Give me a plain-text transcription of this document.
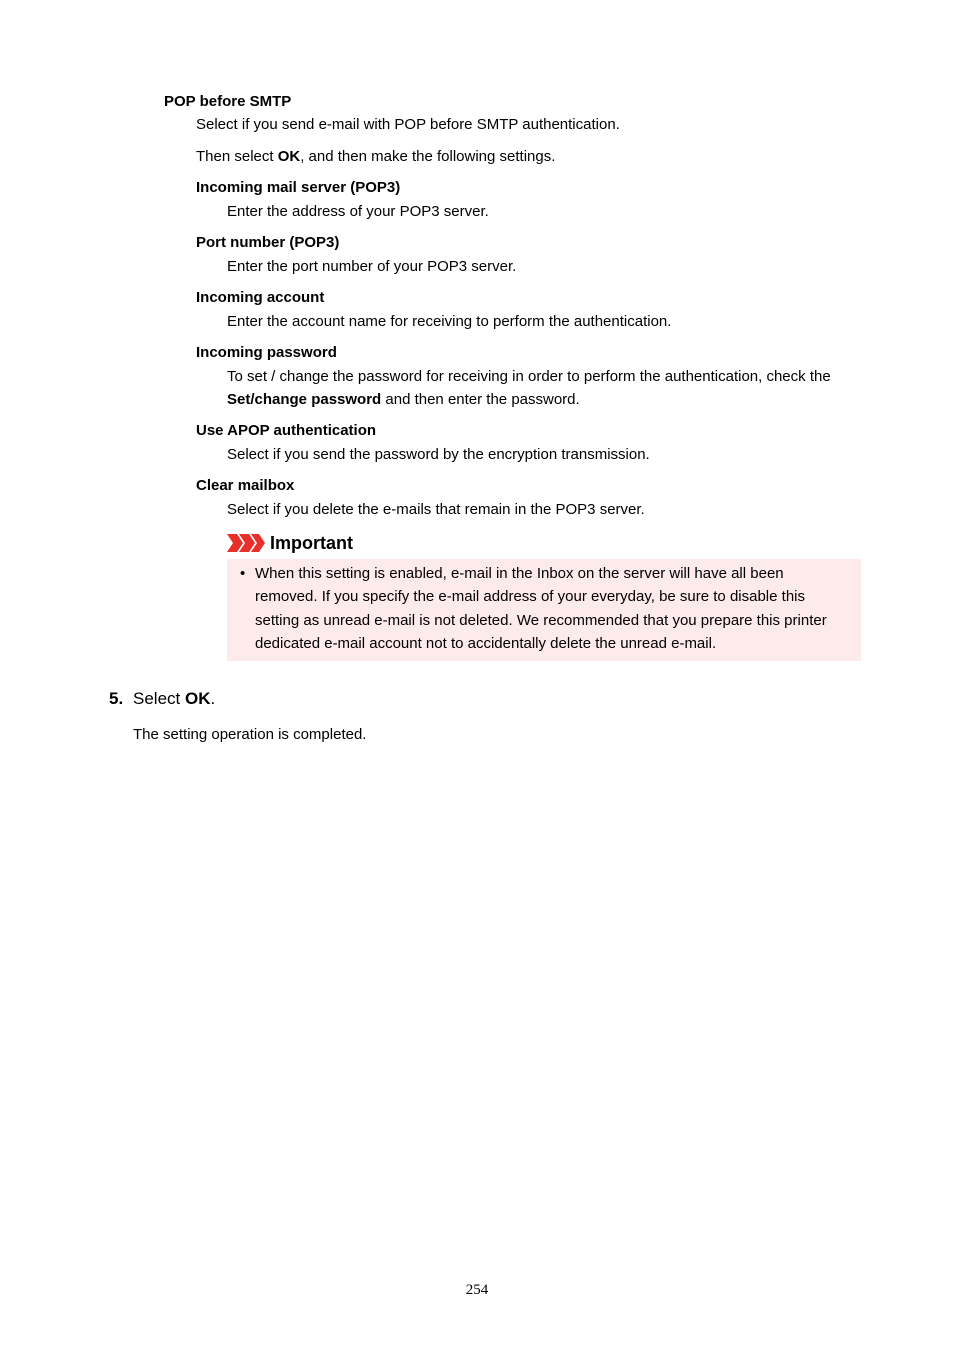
POP before SMTP
Select if you send e-mail with POP before SMTP authentication.
Then select OK, and then make the following settings.
Incoming mail server (POP3)
Enter the address of your POP3 server.
Port number (POP3)
Enter the port number of your POP3 server.
Incoming account
Enter the account name for receiving to perform the authentication.
Incoming password
To set / change the password for receiving in order to perform the authentication, check the
Set/change password and then enter the password.
Use APOP authentication
Select if you send the password by the encryption transmission.
Clear mailbox
Select if you delete the e-mails that remain in the POP3 server.
Important
• When this setting is enabled, e-mail in the Inbox on the server will have all been
removed. If you specify the e-mail address of your everyday, be sure to disable this
setting as unread e-mail is not deleted. We recommended that you prepare this printer
dedicated e-mail account not to accidentally delete the unread e-mail.
5. Select OK.
The setting operation is completed.
254
